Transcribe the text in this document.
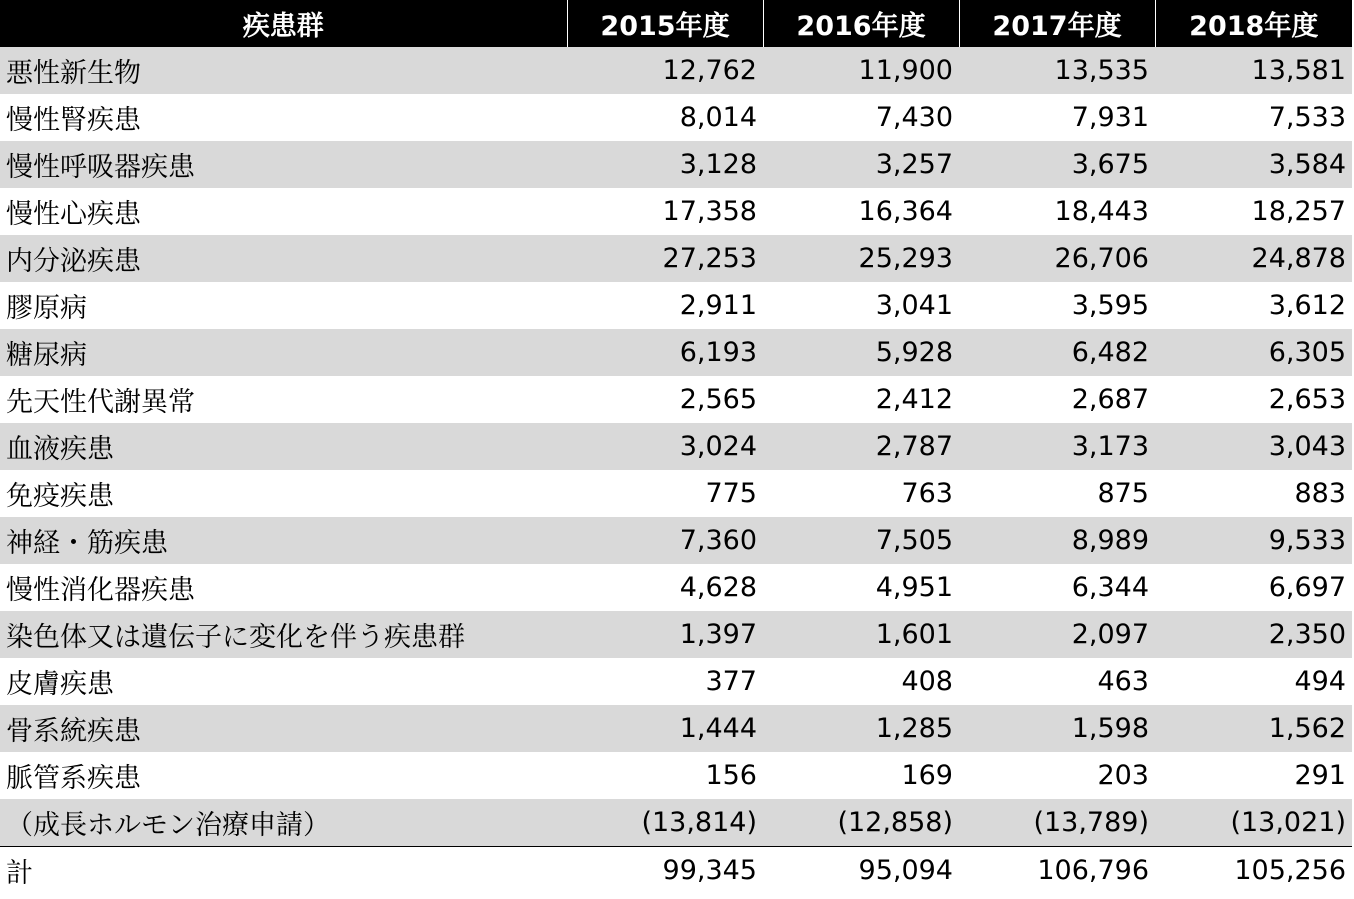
疾患群	2015年度	2016年度	2017年度	2018年度
悪性新生物	12,762	11,900	13,535	13,581
慢性腎疾患	8,014	7,430	7,931	7,533
慢性呼吸器疾患	3,128	3,257	3,675	3,584
慢性心疾患	17,358	16,364	18,443	18,257
内分泌疾患	27,253	25,293	26,706	24,878
膠原病	2,911	3,041	3,595	3,612
糖尿病	6,193	5,928	6,482	6,305
先天性代謝異常	2,565	2,412	2,687	2,653
血液疾患	3,024	2,787	3,173	3,043
免疫疾患	775	763	875	883
神経・筋疾患	7,360	7,505	8,989	9,533
慢性消化器疾患	4,628	4,951	6,344	6,697
染色体又は遺伝子に変化を伴う疾患群	1,397	1,601	2,097	2,350
皮膚疾患	377	408	463	494
骨系統疾患	1,444	1,285	1,598	1,562
脈管系疾患	156	169	203	291
（成長ホルモン治療申請）	(13,814)	(12,858)	(13,789)	(13,021)
計	99,345	95,094	106,796	105,256
